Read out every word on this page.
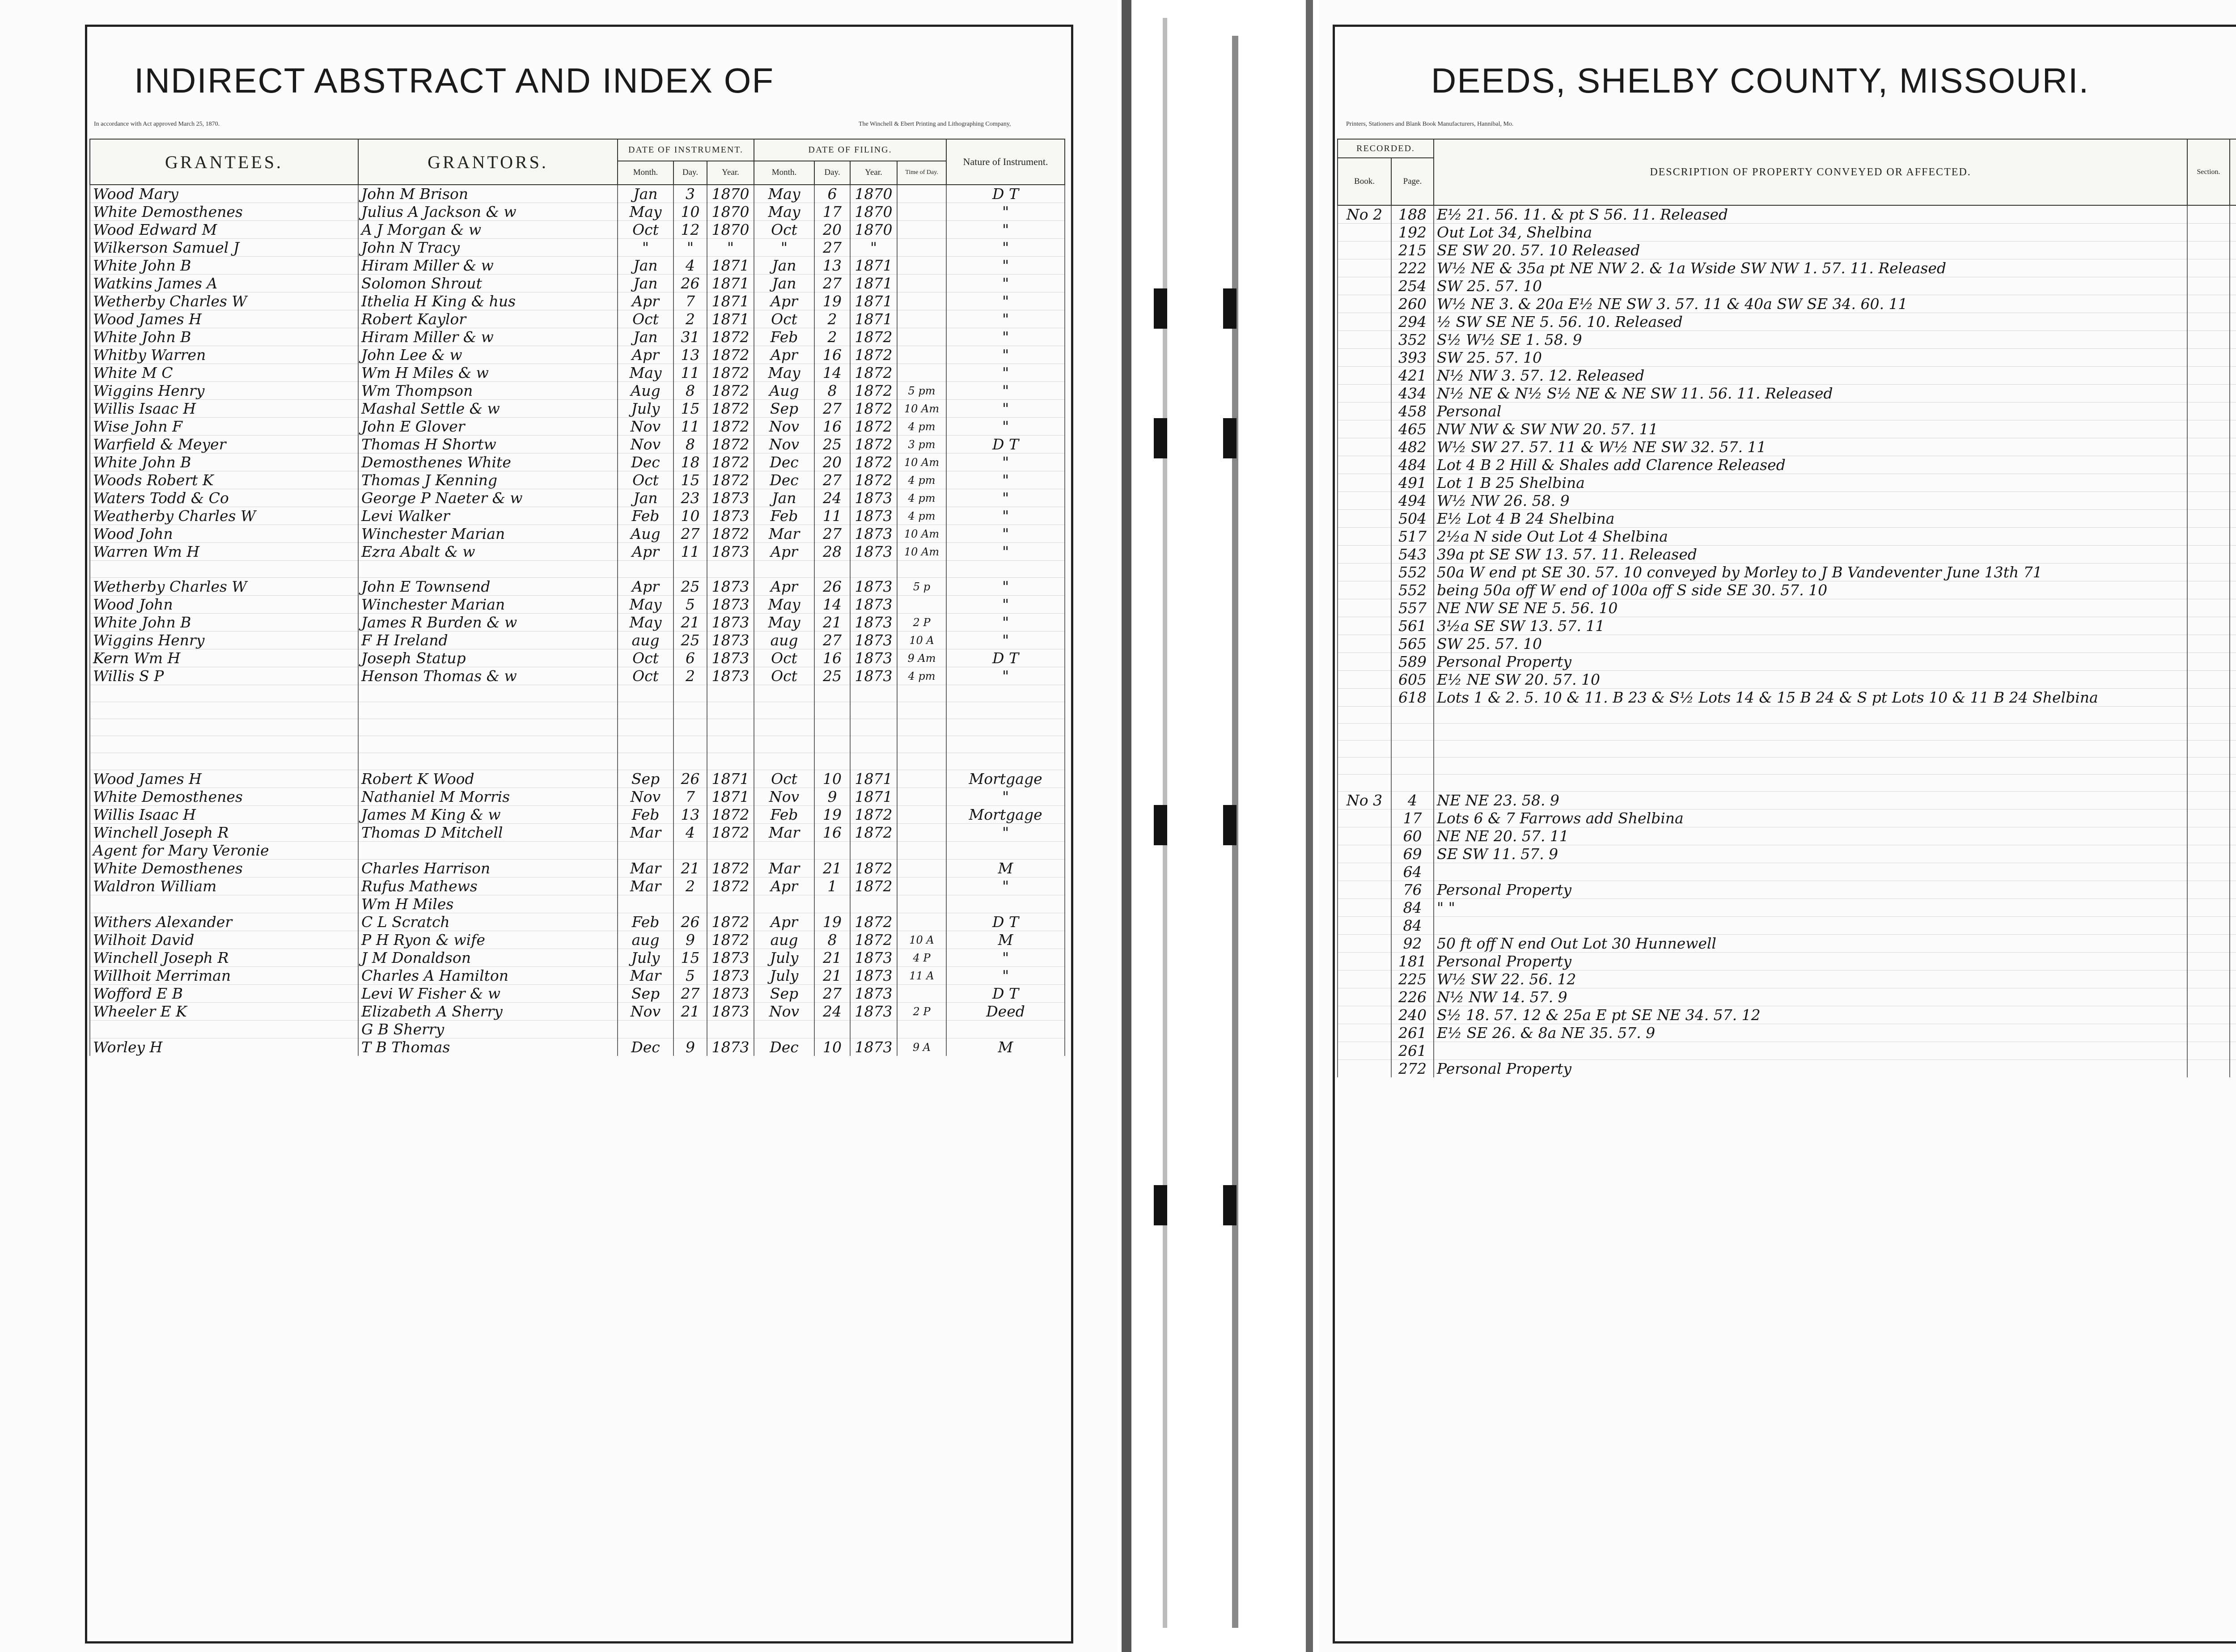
INDIRECT ABSTRACT AND INDEX OF
In accordance with Act approved March 25, 1870.	The Winchell & Ebert Printing and Lithographing Company,
GRANTEES.	GRANTORS.	DATE OF INSTRUMENT.			DATE OF FILING.				Nature of Instrument.
		Month.	Day.	Year.	Month.	Day.	Year.	Time of Day.	
Wood Mary	John M Brison	Jan	3	1870	May	6	1870		D T
White Demosthenes	Julius A Jackson & w	May	10	1870	May	17	1870		"
Wood Edward M	A J Morgan & w	Oct	12	1870	Oct	20	1870		"
Wilkerson Samuel J	John N Tracy	"	"	"	"	27	"		"
White John B	Hiram Miller & w	Jan	4	1871	Jan	13	1871		"
Watkins James A	Solomon Shrout	Jan	26	1871	Jan	27	1871		"
Wetherby Charles W	Ithelia H King & hus	Apr	7	1871	Apr	19	1871		"
Wood James H	Robert Kaylor	Oct	2	1871	Oct	2	1871		"
White John B	Hiram Miller & w	Jan	31	1872	Feb	2	1872		"
Whitby Warren	John Lee & w	Apr	13	1872	Apr	16	1872		"
White M C	Wm H Miles & w	May	11	1872	May	14	1872		"
Wiggins Henry	Wm Thompson	Aug	8	1872	Aug	8	1872	5 pm	"
Willis Isaac H	Mashal Settle & w	July	15	1872	Sep	27	1872	10 Am	"
Wise John F	John E Glover	Nov	11	1872	Nov	16	1872	4 pm	"
Warfield & Meyer	Thomas H Shortw	Nov	8	1872	Nov	25	1872	3 pm	D T
White John B	Demosthenes White	Dec	18	1872	Dec	20	1872	10 Am	"
Woods Robert K	Thomas J Kenning	Oct	15	1872	Dec	27	1872	4 pm	"
Waters Todd & Co	George P Naeter & w	Jan	23	1873	Jan	24	1873	4 pm	"
Weatherby Charles W	Levi Walker	Feb	10	1873	Feb	11	1873	4 pm	"
Wood John	Winchester Marian	Aug	27	1872	Mar	27	1873	10 Am	"
Warren Wm H	Ezra Abalt & w	Apr	11	1873	Apr	28	1873	10 Am	"

Wetherby Charles W	John E Townsend	Apr	25	1873	Apr	26	1873	5 p	"
Wood John	Winchester Marian	May	5	1873	May	14	1873		"
White John B	James R Burden & w	May	21	1873	May	21	1873	2 P	"
Wiggins Henry	F H Ireland	aug	25	1873	aug	27	1873	10 A	"
Kern Wm H	Joseph Statup	Oct	6	1873	Oct	16	1873	9 Am	D T
Willis S P	Henson Thomas & w	Oct	2	1873	Oct	25	1873	4 pm	"

Wood James H	Robert K Wood	Sep	26	1871	Oct	10	1871		Mortgage
White Demosthenes	Nathaniel M Morris	Nov	7	1871	Nov	9	1871		"
Willis Isaac H	James M King & w	Feb	13	1872	Feb	19	1872		Mortgage
Winchell Joseph R	Thomas D Mitchell	Mar	4	1872	Mar	16	1872		"
Agent for Mary Veronie									
White Demosthenes	Charles Harrison	Mar	21	1872	Mar	21	1872		M
Waldron William	Rufus Mathews	Mar	2	1872	Apr	1	1872		"
	Wm H Miles								
Withers Alexander	C L Scratch	Feb	26	1872	Apr	19	1872		D T
Wilhoit David	P H Ryon & wife	aug	9	1872	aug	8	1872	10 A	M
Winchell Joseph R	J M Donaldson	July	15	1873	July	21	1873	4 P	"
Willhoit Merriman	Charles A Hamilton	Mar	5	1873	July	21	1873	11 A	"
Wofford E B	Levi W Fisher & w	Sep	27	1873	Sep	27	1873		D T
Wheeler E K	Elizabeth A Sherry	Nov	21	1873	Nov	24	1873	2 P	Deed
	G B Sherry								
Worley H	T B Thomas	Dec	9	1873	Dec	10	1873	9 A	M
DEEDS, SHELBY COUNTY, MISSOURI.
Printers, Stationers and Blank Book Manufacturers, Hannibal, Mo.
RECORDED.		DESCRIPTION OF PROPERTY CONVEYED OR AFFECTED.	Section.		
Book.	Page.				
No 2	188	E½ 21. 56. 11. & pt S 56. 11. Released			
	192	Out Lot 34, Shelbina			
	215	SE SW 20. 57. 10 Released			
	222	W½ NE & 35a pt NE NW 2. & 1a Wside SW NW 1. 57. 11. Released			
	254	SW 25. 57. 10			
	260	W½ NE 3. & 20a E½ NE SW 3. 57. 11 & 40a SW SE 34. 60. 11			
	294	½ SW SE NE 5. 56. 10. Released			
	352	S½ W½ SE 1. 58. 9			
	393	SW 25. 57. 10			
	421	N½ NW 3. 57. 12. Released			
	434	N½ NE & N½ S½ NE & NE SW 11. 56. 11. Released			
	458	Personal			
	465	NW NW & SW NW 20. 57. 11			
	482	W½ SW 27. 57. 11 & W½ NE SW 32. 57. 11			
	484	Lot 4 B 2 Hill & Shales add Clarence Released			
	491	Lot 1 B 25 Shelbina			
	494	W½ NW 26. 58. 9			
	504	E½ Lot 4 B 24 Shelbina			
	517	2½a N side Out Lot 4 Shelbina			
	543	39a pt SE SW 13. 57. 11. Released			
	552	50a W end pt SE 30. 57. 10 conveyed by Morley to J B Vandeventer June 13th 71			
	552	being 50a off W end of 100a off S side SE 30. 57. 10			
	557	NE NW SE NE 5. 56. 10			
	561	3½a SE SW 13. 57. 11			
	565	SW 25. 57. 10			
	589	Personal Property			
	605	E½ NE SW 20. 57. 10			
	618	Lots 1 & 2. 5. 10 & 11. B 23 & S½ Lots 14 & 15 B 24 & S pt Lots 10 & 11 B 24 Shelbina			

No 3	4	NE NE 23. 58. 9			
	17	Lots 6 & 7 Farrows add Shelbina			
	60	NE NE 20. 57. 11			
	69	SE SW 11. 57. 9			
	64				
	76	Personal Property			
	84	" "			
	84				
	92	50 ft off N end Out Lot 30 Hunnewell			
	181	Personal Property			
	225	W½ SW 22. 56. 12			
	226	N½ NW 14. 57. 9			
	240	S½ 18. 57. 12 & 25a E pt SE NE 34. 57. 12			
	261	E½ SE 26. & 8a NE 35. 57. 9			
	261				
	272	Personal Property			
